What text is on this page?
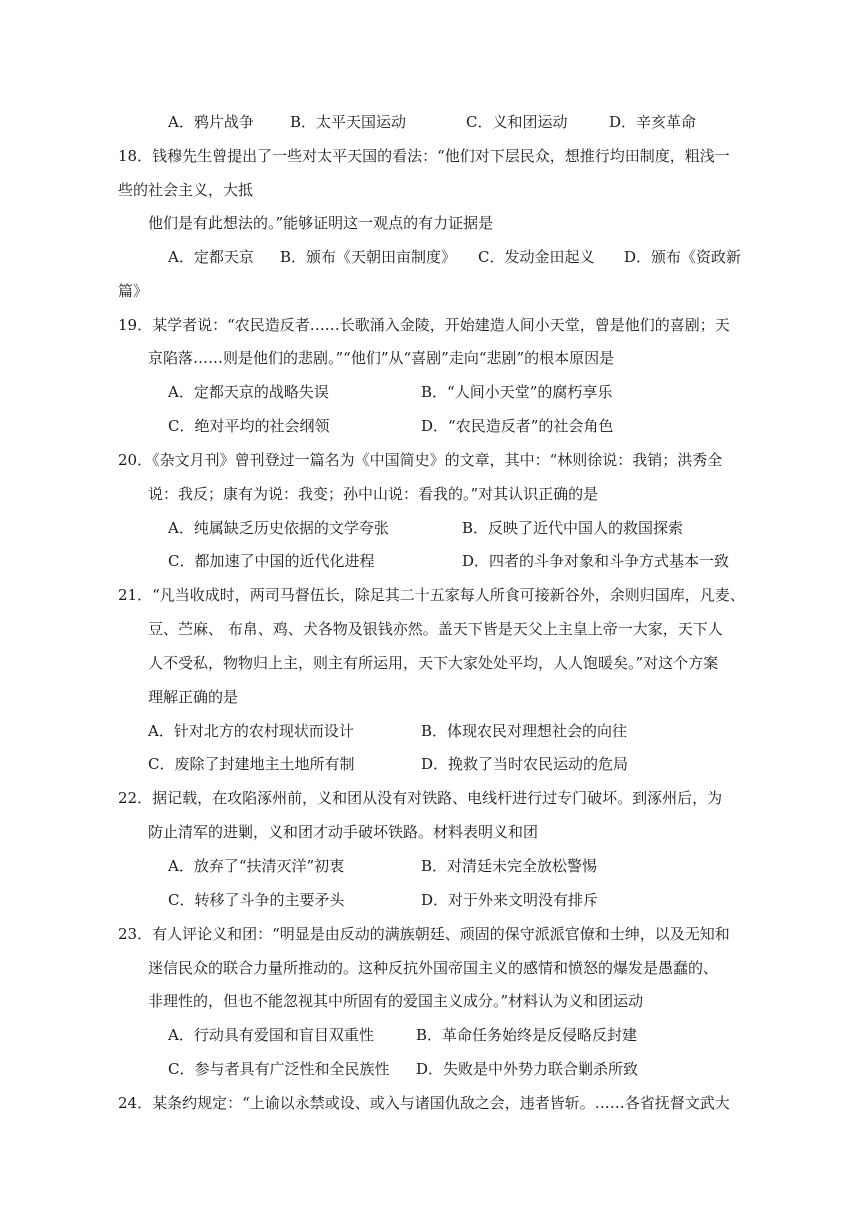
A．鸦片战争 B．太平天国运动	C．义和团运动	D．辛亥革命
18．钱穆先生曾提出了一些对太平天国的看法：“他们对下层民众，想推行均田制度，粗浅一
些的社会主义，大抵
他们是有此想法的。”能够证明这一观点的有力证据是
A．定都天京 B．颁布《天朝田亩制度》 C．发动金田起义 D．颁布《资政新
篇》
19．某学者说：“农民造反者……长歌涌入金陵，开始建造人间小天堂，曾是他们的喜剧；天
京陷落……则是他们的悲剧。”“他们”从“喜剧”走向“悲剧”的根本原因是
A．定都天京的战略失误	B．“人间小天堂”的腐朽享乐
C．绝对平均的社会纲领	D．“农民造反者”的社会角色
20．《杂文月刊》曾刊登过一篇名为《中国简史》的文章，其中：“林则徐说：我销；洪秀全
说：我反；康有为说：我变；孙中山说：看我的。”对其认识正确的是
A．纯属缺乏历史依据的文学夸张	B．反映了近代中国人的救国探索
C．都加速了中国的近代化进程	D．四者的斗争对象和斗争方式基本一致
21．“凡当收成时，两司马督伍长，除足其二十五家每人所食可接新谷外，余则归国库，凡麦、
豆、苎麻、 布帛、鸡、犬各物及银钱亦然。盖天下皆是天父上主皇上帝一大家，天下人
人不受私，物物归上主，则主有所运用，天下大家处处平均，人人饱暖矣。”对这个方案
理解正确的是
A．针对北方的农村现状而设计	B．体现农民对理想社会的向往
C．废除了封建地主土地所有制	D．挽救了当时农民运动的危局
22．据记载，在攻陷涿州前，义和团从没有对铁路、电线杆进行过专门破坏。到涿州后，为
防止清军的进剿，义和团才动手破坏铁路。材料表明义和团
A．放弃了“扶清灭洋”初衷	B．对清廷未完全放松警惕
C．转移了斗争的主要矛头	D．对于外来文明没有排斥
23．有人评论义和团：“明显是由反动的满族朝廷、顽固的保守派派官僚和士绅，以及无知和
迷信民众的联合力量所推动的。这种反抗外国帝国主义的感情和愤怒的爆发是愚蠢的、
非理性的，但也不能忽视其中所固有的爱国主义成分。”材料认为义和团运动
A．行动具有爱国和盲目双重性	B．革命任务始终是反侵略反封建
C．参与者具有广泛性和全民族性 D．失败是中外势力联合剿杀所致
24．某条约规定：“上谕以永禁或设、或入与诸国仇敌之会，违者皆斩。……各省抚督文武大
